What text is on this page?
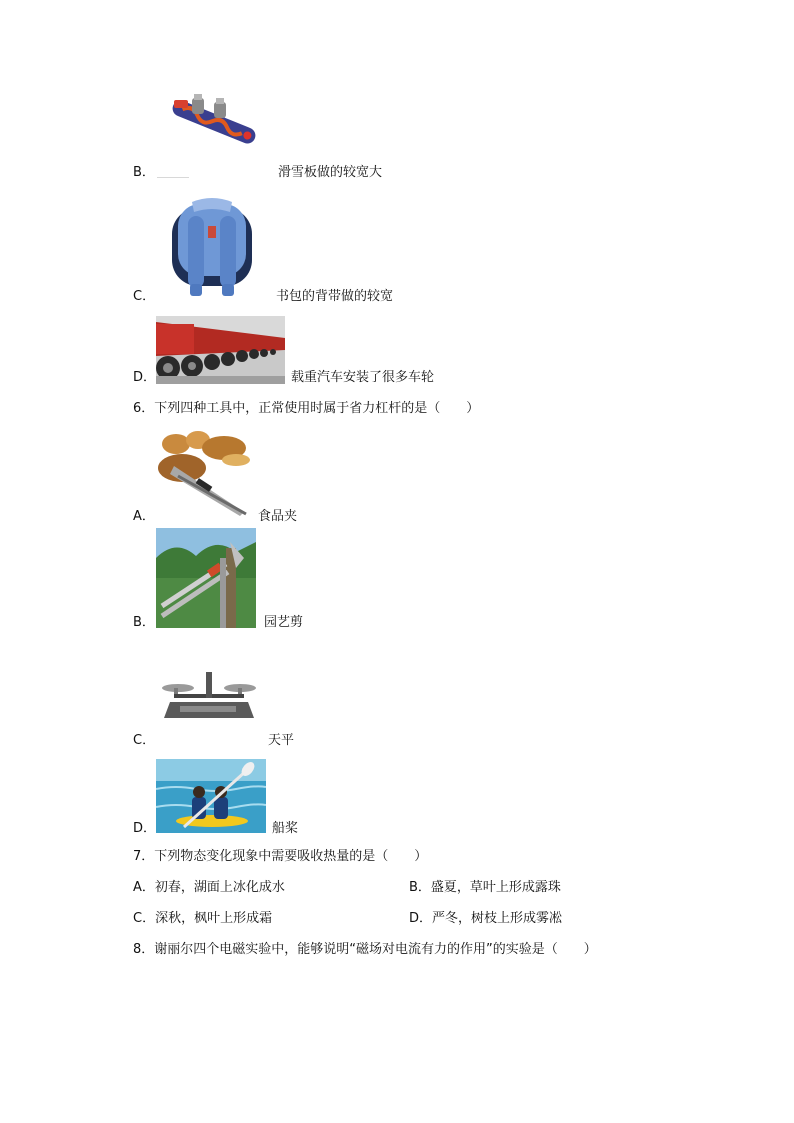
B．	滑雪板做的较宽大
C．	书包的背带做的较宽
D．	载重汽车安装了很多车轮
6．下列四种工具中，正常使用时属于省力杠杆的是（　　）
A．	食品夹
B．	园艺剪
C．	天平
D．	船桨
7．下列物态变化现象中需要吸收热量的是（　　）
A．初春，湖面上冰化成水	B．盛夏，草叶上形成露珠
C．深秋，枫叶上形成霜	D．严冬，树枝上形成雾凇
8．谢丽尔四个电磁实验中，能够说明“磁场对电流有力的作用”的实验是（　　）
